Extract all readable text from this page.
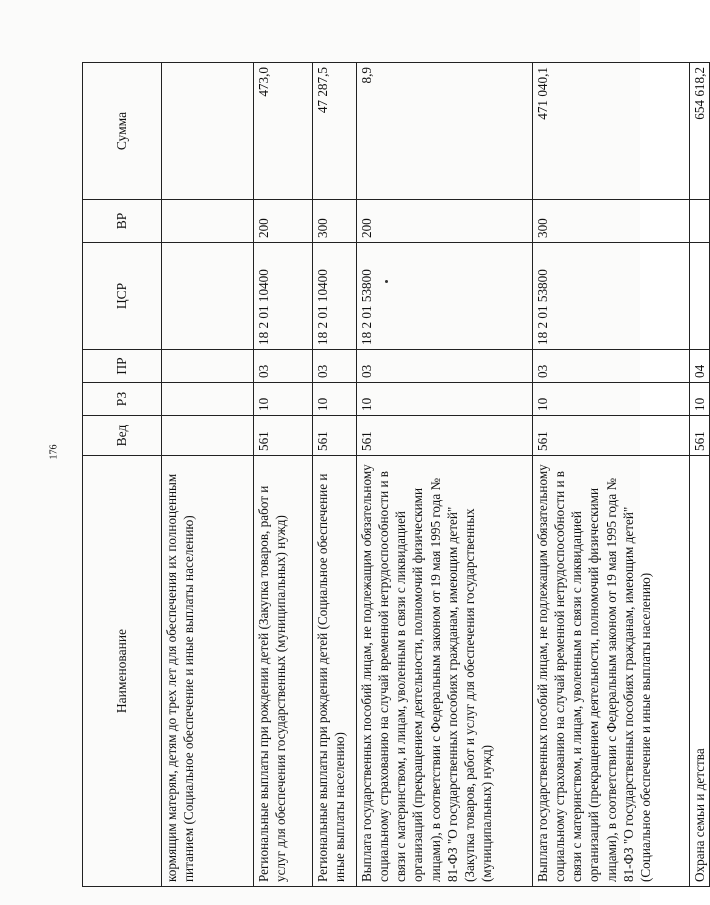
176
Наименование	Вед	РЗ	ПР	ЦСР	ВР	Сумма
кормящим матерям, детям до трех лет для обеспечения их полноценным питанием (Социальное обеспечение и иные выплаты населению)						
Региональные выплаты при рождении детей (Закупка товаров, работ и услуг для обеспечения государственных (муниципальных) нужд)	561	10	03	18 2 01 10400	200	473,0
Региональные выплаты при рождении детей (Социальное обеспечение и иные выплаты населению)	561	10	03	18 2 01 10400	300	47 287,5
Выплата государственных пособий лицам, не подлежащим обязательному социальному страхованию на случай временной нетрудоспособности и в связи с материнством, и лицам, уволенным в связи с ликвидацией организаций (прекращением деятельности, полномочий физическими лицами), в соответствии с Федеральным законом от 19 мая 1995 года № 81-ФЗ "О государственных пособиях гражданам, имеющим детей" (Закупка товаров, работ и услуг для обеспечения государственных (муниципальных) нужд)	561	10	03	18 2 01 53800	200	8,9
Выплата государственных пособий лицам, не подлежащим обязательному социальному страхованию на случай временной нетрудоспособности и в связи с материнством, и лицам, уволенным в связи с ликвидацией организаций (прекращением деятельности, полномочий физическими лицами), в соответствии с Федеральным законом от 19 мая 1995 года № 81-ФЗ "О государственных пособиях гражданам, имеющим детей" (Социальное обеспечение и иные выплаты населению)	561	10	03	18 2 01 53800	300	471 040,1
Охрана семьи и детства	561	10	04			654 618,2
